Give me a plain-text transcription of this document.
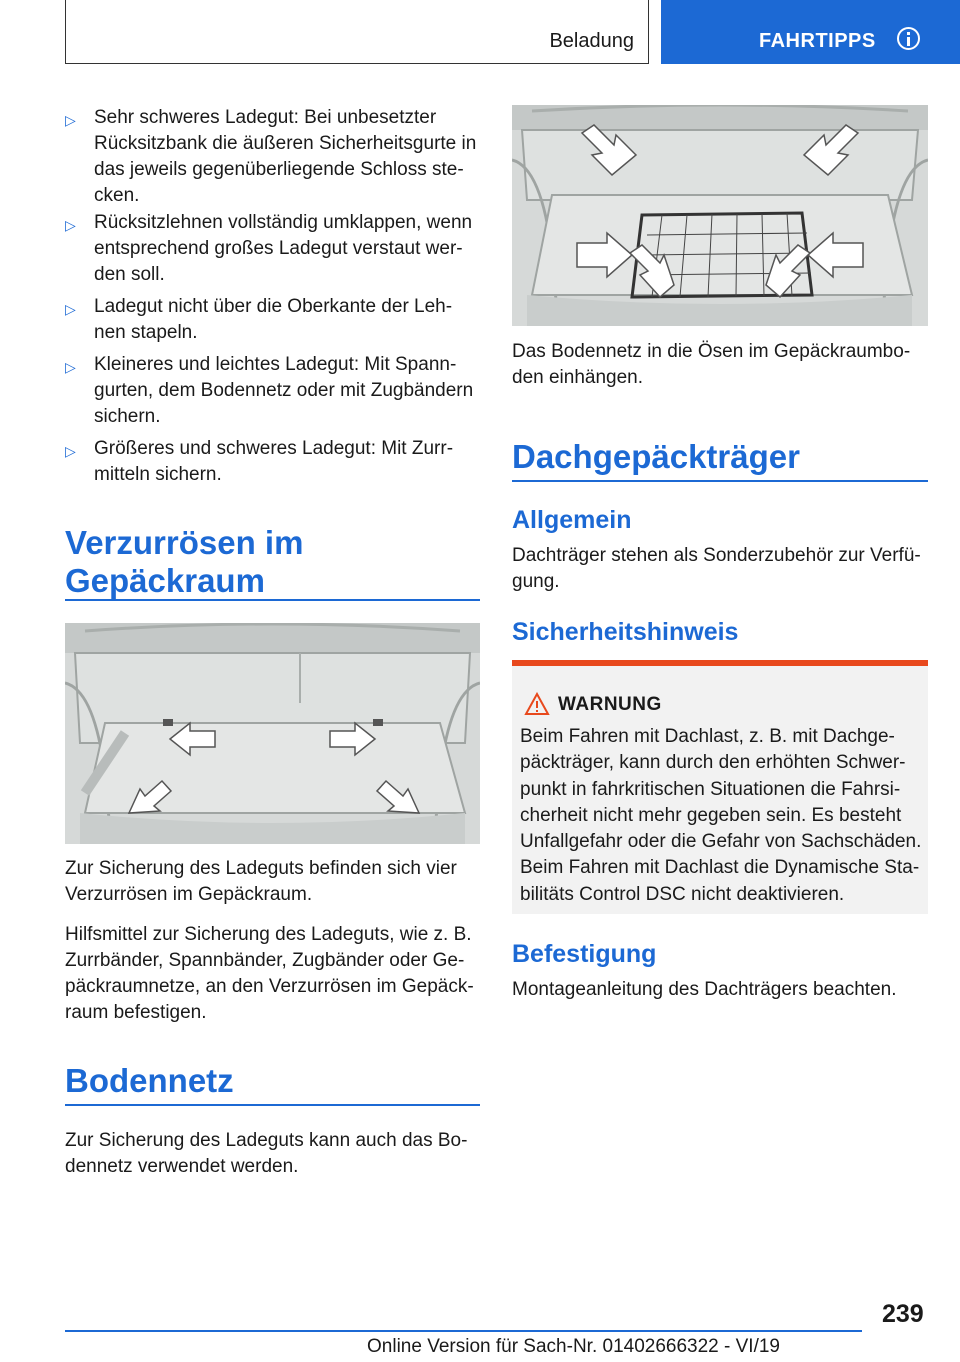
Beladung	FAHRTIPPS
▷ Sehr schweres Ladegut: Bei unbesetzter
Rücksitzbank die äußeren Sicherheitsgurte in
das jeweils gegenüberliegende Schloss ste-
cken.
▷ Rücksitzlehnen vollständig umklappen, wenn
entsprechend großes Ladegut verstaut wer-
den soll.
▷ Ladegut nicht über die Oberkante der Leh-
nen stapeln.
▷ Kleineres und leichtes Ladegut: Mit Spann-
gurten, dem Bodennetz oder mit Zugbändern
sichern.
▷ Größeres und schweres Ladegut: Mit Zurr-
mitteln sichern.
Verzurrösen im
Gepäckraum
Zur Sicherung des Ladeguts befinden sich vier
Verzurrösen im Gepäckraum.
Hilfsmittel zur Sicherung des Ladeguts, wie z. B.
Zurrbänder, Spannbänder, Zugbänder oder Ge-
päckraumnetze, an den Verzurrösen im Gepäck-
raum befestigen.
Bodennetz
Zur Sicherung des Ladeguts kann auch das Bo-
dennetz verwendet werden.
Das Bodennetz in die Ösen im Gepäckraumbo-
den einhängen.
Dachgepäckträger
Allgemein
Dachträger stehen als Sonderzubehör zur Verfü-
gung.
Sicherheitshinweis
WARNUNG
Beim Fahren mit Dachlast, z. B. mit Dachge-
päckträger, kann durch den erhöhten Schwer-
punkt in fahrkritischen Situationen die Fahrsi-
cherheit nicht mehr gegeben sein. Es besteht
Unfallgefahr oder die Gefahr von Sachschäden.
Beim Fahren mit Dachlast die Dynamische Sta-
bilitäts Control DSC nicht deaktivieren.
Befestigung
Montageanleitung des Dachträgers beachten.
239
Online Version für Sach-Nr. 01402666322 - VI/19
